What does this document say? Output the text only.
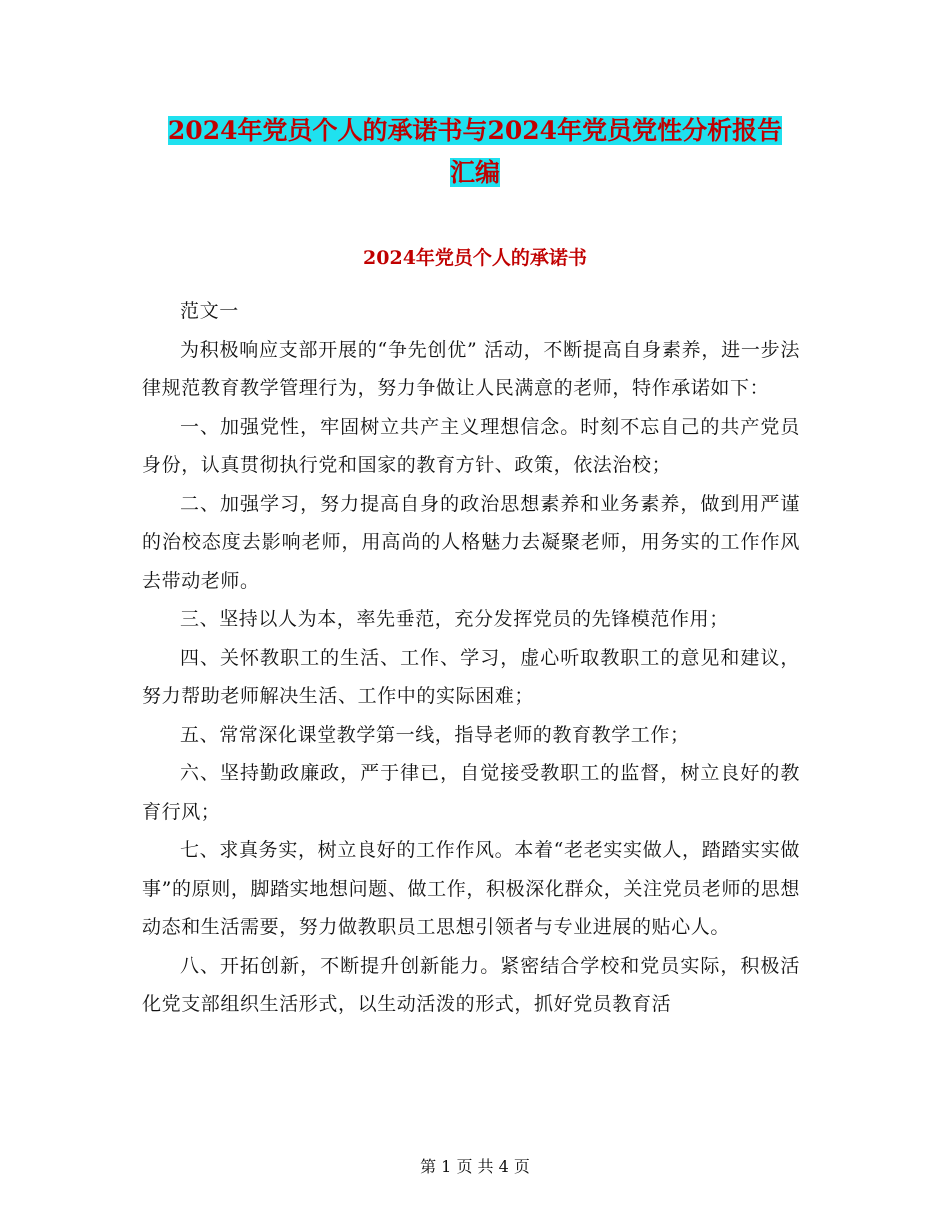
2024年党员个人的承诺书与2024年党员党性分析报告
汇编
2024年党员个人的承诺书

范文一

为积极响应支部开展的“争先创优” 活动，不断提高自身素养，进一步法律规范教育教学管理行为，努力争做让人民满意的老师，特作承诺如下：

一、加强党性，牢固树立共产主义理想信念。时刻不忘自己的共产党员身份，认真贯彻执行党和国家的教育方针、政策，依法治校；

二、加强学习，努力提高自身的政治思想素养和业务素养，做到用严谨的治校态度去影响老师，用高尚的人格魅力去凝聚老师，用务实的工作作风去带动老师。

三、坚持以人为本，率先垂范，充分发挥党员的先锋模范作用；

四、关怀教职工的生活、工作、学习，虚心听取教职工的意见和建议，努力帮助老师解决生活、工作中的实际困难；

五、常常深化课堂教学第一线，指导老师的教育教学工作；

六、坚持勤政廉政，严于律已，自觉接受教职工的监督，树立良好的教育行风；

七、求真务实，树立良好的工作作风。本着“老老实实做人，踏踏实实做事”的原则，脚踏实地想问题、做工作，积极深化群众，关注党员老师的思想动态和生活需要，努力做教职员工思想引领者与专业进展的贴心人。

八、开拓创新，不断提升创新能力。紧密结合学校和党员实际，积极活化党支部组织生活形式，以生动活泼的形式，抓好党员教育活

第 1 页 共 4 页
